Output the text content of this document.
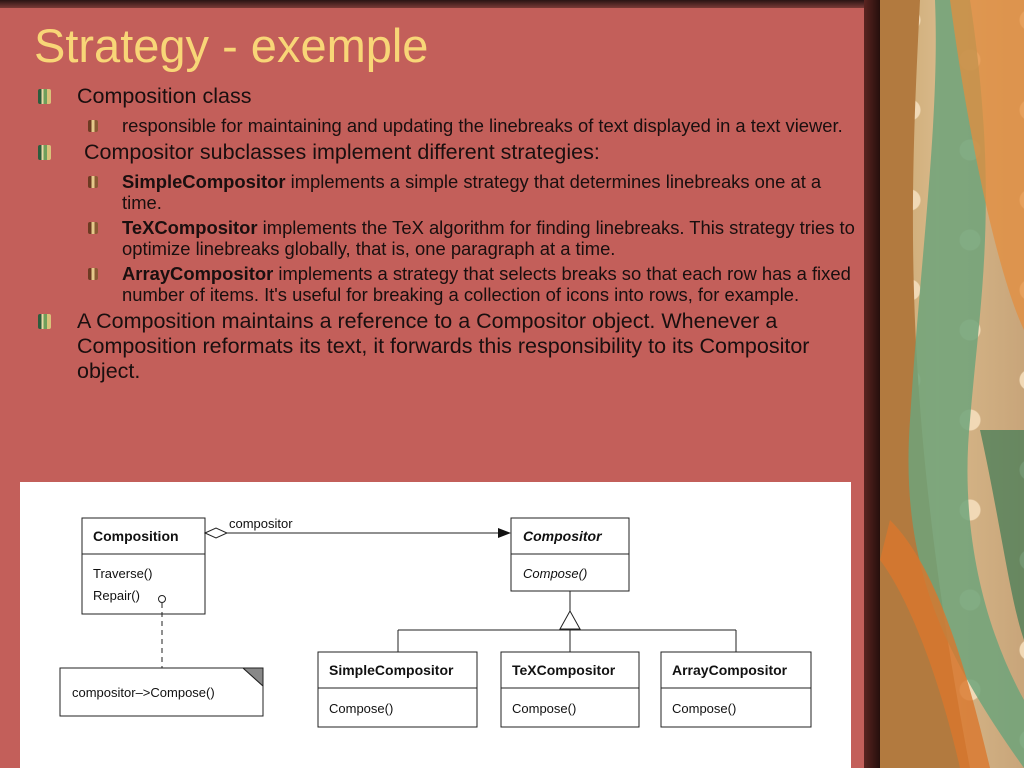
Strategy - exemple
Composition class
responsible for maintaining and updating the linebreaks of text displayed in a text viewer.
Compositor subclasses implement different strategies:
SimpleCompositor implements a simple strategy that determines linebreaks one at a time.
TeXCompositor implements the TeX algorithm for finding linebreaks. This strategy tries to optimize linebreaks globally, that is, one paragraph at a time.
ArrayCompositor implements a strategy that selects breaks so that each row has a fixed number of items. It's useful for breaking a collection of icons into rows, for example.
A Composition maintains a reference to a Compositor object. Whenever a Composition reformats its text, it forwards this responsibility to its Compositor object.
Composition
Traverse()
Repair()
compositor
Compositor
Compose()
compositor–>Compose()
SimpleCompositor
Compose()
TeXCompositor
Compose()
ArrayCompositor
Compose()
